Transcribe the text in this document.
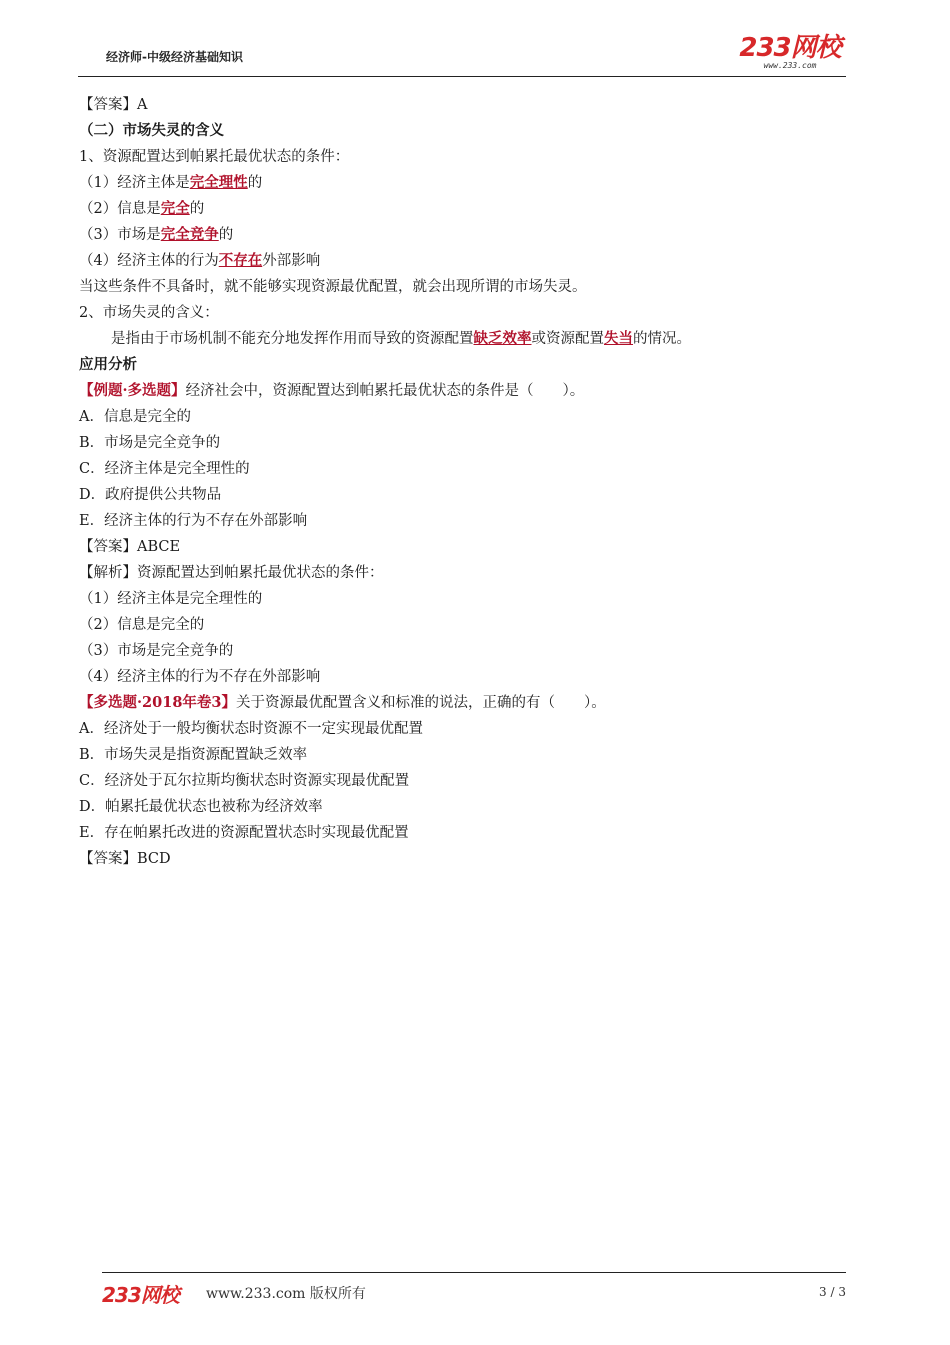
经济师-中级经济基础知识	233网校
www.233.com
【答案】A
（二）市场失灵的含义
1、资源配置达到帕累托最优状态的条件：
（1）经济主体是完全理性的
（2）信息是完全的
（3）市场是完全竞争的
（4）经济主体的行为不存在外部影响
当这些条件不具备时，就不能够实现资源最优配置，就会出现所谓的市场失灵。
2、市场失灵的含义：
是指由于市场机制不能充分地发挥作用而导致的资源配置缺乏效率或资源配置失当的情况。
应用分析
【例题·多选题】经济社会中，资源配置达到帕累托最优状态的条件是（　　）。
A．信息是完全的
B．市场是完全竞争的
C．经济主体是完全理性的
D．政府提供公共物品
E．经济主体的行为不存在外部影响
【答案】ABCE
【解析】资源配置达到帕累托最优状态的条件：
（1）经济主体是完全理性的
（2）信息是完全的
（3）市场是完全竞争的
（4）经济主体的行为不存在外部影响
【多选题·2018年卷3】关于资源最优配置含义和标准的说法，正确的有（　　）。
A．经济处于一般均衡状态时资源不一定实现最优配置
B．市场失灵是指资源配置缺乏效率
C．经济处于瓦尔拉斯均衡状态时资源实现最优配置
D．帕累托最优状态也被称为经济效率
E．存在帕累托改进的资源配置状态时实现最优配置
【答案】BCD
233网校 www.233.com 版权所有	3 / 3
